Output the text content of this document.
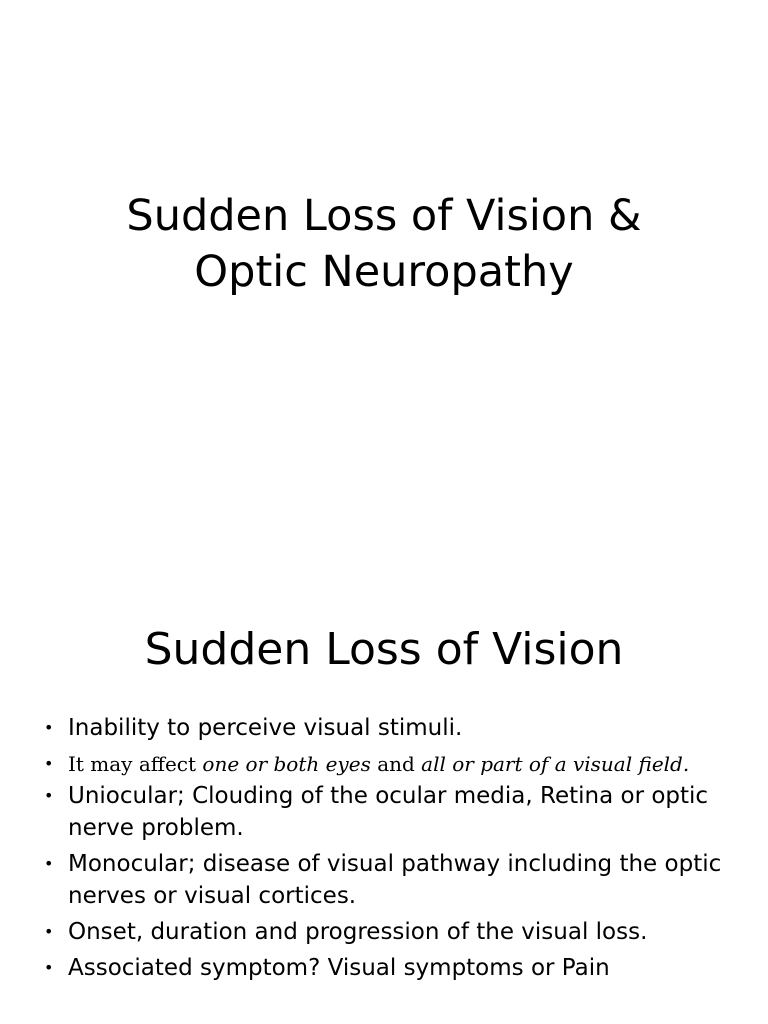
Sudden Loss of Vision &
Optic Neuropathy
Sudden Loss of Vision
• Inability to perceive visual stimuli.
• It may affect one or both eyes and all or part of a visual field.
• Uniocular; Clouding of the ocular media, Retina or optic nerve problem.
• Monocular; disease of visual pathway including the optic nerves or visual cortices.
• Onset, duration and progression of the visual loss.
• Associated symptom? Visual symptoms or Pain
